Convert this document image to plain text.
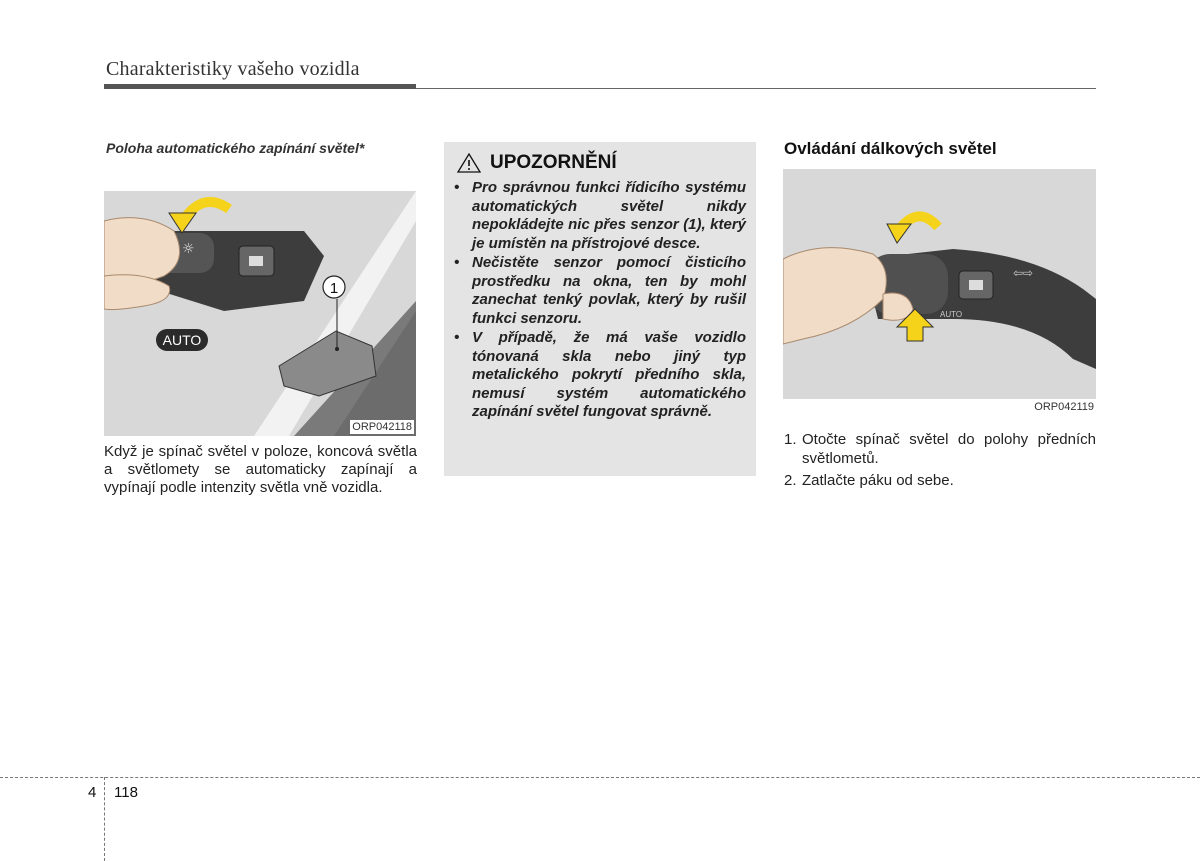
Charakteristiky vašeho vozidla
Poloha automatického zapínání světel*
1
☼
AUTO
ORP042118
Když je spínač světel v poloze, koncová světla a světlomety se automaticky zapínají a vypínají podle intenzity světla vně vozidla.
UPOZORNĚNÍ
• Pro správnou funkci řídicího systému automatických světel nikdy nepokládejte nic přes senzor (1), který je umístěn na přístrojové desce.
• Nečistěte senzor pomocí čisticího prostředku na okna, ten by mohl zanechat tenký povlak, který by rušil funkci senzoru.
• V případě, že má vaše vozidlo tónovaná skla nebo jiný typ metalického pokrytí předního skla, nemusí systém automatického zapínání světel fungovat správně.
Ovládání dálkových světel
AUTO
⇦⇨
ORP042119
1. Otočte spínač světel do polohy předních světlometů.
2. Zatlačte páku od sebe.
4 118
